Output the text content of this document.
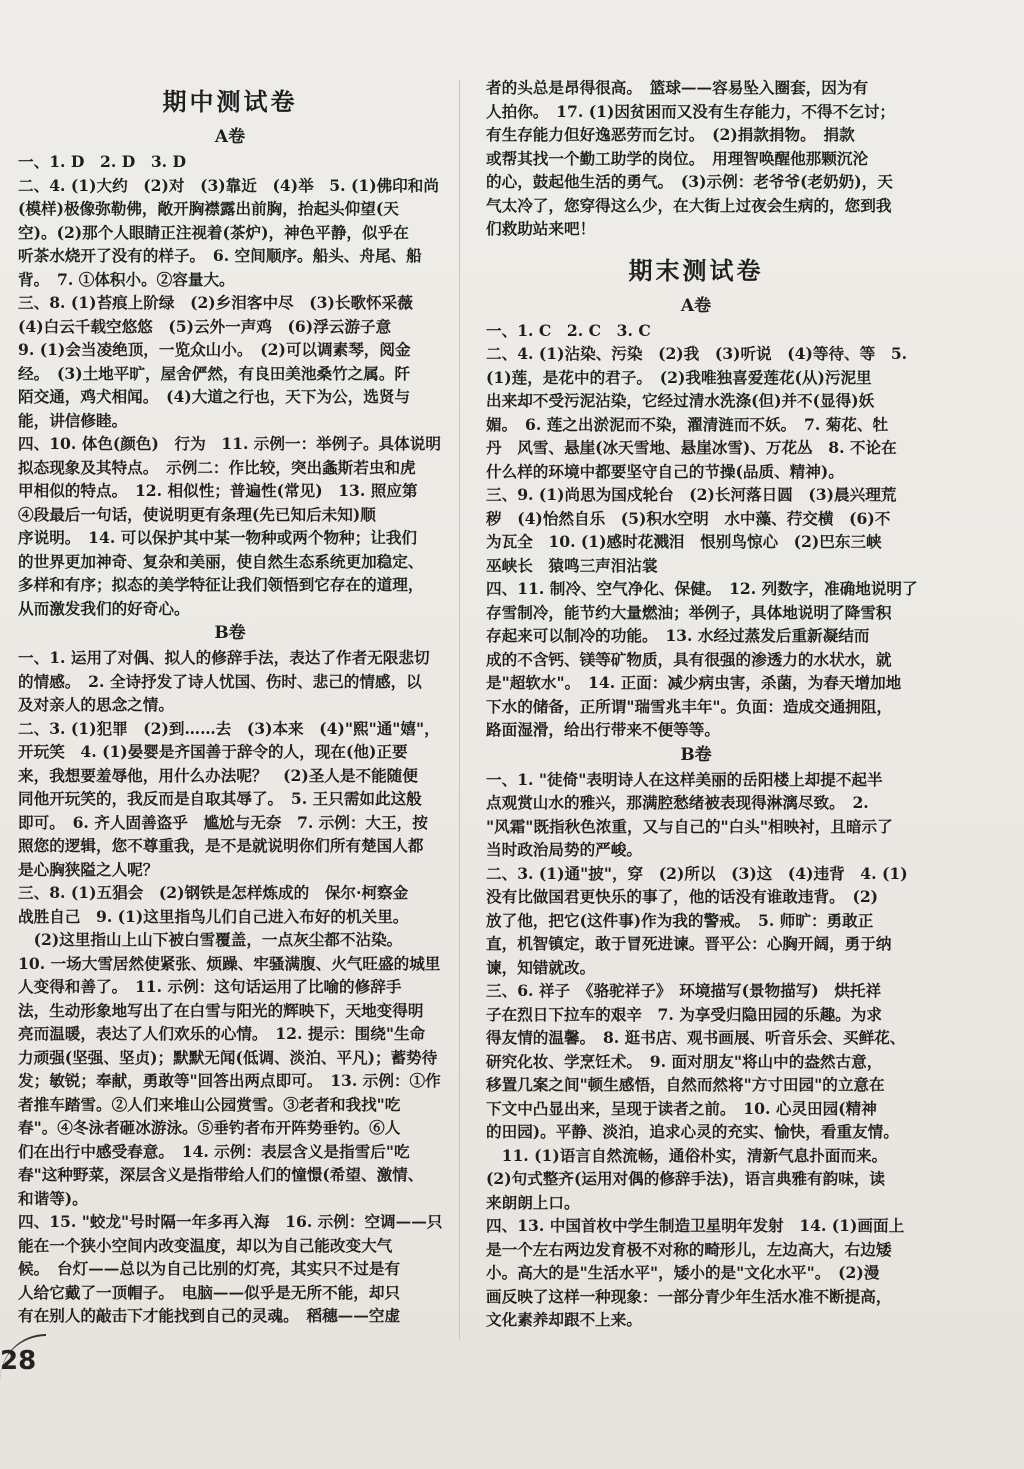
期中测试卷
A卷

一、1. D　2. D　3. D

二、4. (1)大约　(2)对　(3)靠近　(4)举　5. (1)佛印和尚

(模样)极像弥勒佛，敞开胸襟露出前胸，抬起头仰望(天

空)。(2)那个人眼睛正注视着(茶炉)，神色平静，似乎在

听茶水烧开了没有的样子。　6. 空间顺序。船头、舟尾、船

背。　7. ①体积小。②容量大。

三、8. (1)苔痕上阶绿　(2)乡泪客中尽　(3)长歌怀采薇

(4)白云千载空悠悠　(5)云外一声鸡　(6)浮云游子意

9. (1)会当凌绝顶，一览众山小。　(2)可以调素琴，阅金

经。　(3)土地平旷，屋舍俨然，有良田美池桑竹之属。阡

陌交通，鸡犬相闻。　(4)大道之行也，天下为公，选贤与

能，讲信修睦。

四、10. 体色(颜色)　行为　11. 示例一：举例子。具体说明

拟态现象及其特点。　示例二：作比较，突出螽斯若虫和虎

甲相似的特点。　12. 相似性；普遍性(常见)　13. 照应第

④段最后一句话，使说明更有条理(先已知后未知)顺

序说明。　14. 可以保护其中某一物种或两个物种；让我们

的世界更加神奇、复杂和美丽，使自然生态系统更加稳定、

多样和有序；拟态的美学特征让我们领悟到它存在的道理，

从而激发我们的好奇心。

B卷

一、1. 运用了对偶、拟人的修辞手法，表达了作者无限悲切

的情感。　2. 全诗抒发了诗人忧国、伤时、悲己的情感，以

及对亲人的思念之情。

二、3. (1)犯罪　(2)到……去　(3)本来　(4)"熙"通"嬉"，

开玩笑　4. (1)晏婴是齐国善于辞令的人，现在(他)正要

来，我想要羞辱他，用什么办法呢？　(2)圣人是不能随便

同他开玩笑的，我反而是自取其辱了。　5. 王只需如此这般

即可。　6. 齐人固善盗乎　尴尬与无奈　7. 示例：大王，按

照您的逻辑，您不尊重我，是不是就说明你们所有楚国人都

是心胸狭隘之人呢？

三、8. (1)五猖会　(2)钢铁是怎样炼成的　保尔·柯察金

战胜自己　9. (1)这里指鸟儿们自己进入布好的机关里。

　(2)这里指山上山下被白雪覆盖，一点灰尘都不沾染。

10. 一场大雪居然使紧张、烦躁、牢骚满腹、火气旺盛的城里

人变得和善了。　11. 示例：这句话运用了比喻的修辞手

法，生动形象地写出了在白雪与阳光的辉映下，天地变得明

亮而温暖，表达了人们欢乐的心情。　12. 提示：围绕"生命

力顽强(坚强、坚贞)；默默无闻(低调、淡泊、平凡)；蓄势待

发；敏锐；奉献，勇敢等"回答出两点即可。　13. 示例：①作

者推车踏雪。②人们来堆山公园赏雪。③老者和我找"吃

春"。④冬泳者砸冰游泳。⑤垂钓者布开阵势垂钓。⑥人

们在出行中感受春意。　14. 示例：表层含义是指雪后"吃

春"这种野菜，深层含义是指带给人们的憧憬(希望、激情、

和谐等)。

四、15. "蛟龙"号时隔一年多再入海　16. 示例：空调——只

能在一个狭小空间内改变温度，却以为自己能改变大气

候。　台灯——总以为自己比别的灯亮，其实只不过是有

人给它戴了一顶帽子。　电脑——似乎是无所不能，却只

有在别人的敲击下才能找到自己的灵魂。　稻穗——空虚

者的头总是昂得很高。　篮球——容易坠入圈套，因为有

人拍你。　17. (1)因贫困而又没有生存能力，不得不乞讨；

有生存能力但好逸恶劳而乞讨。　(2)捐款捐物。　捐款

或帮其找一个勤工助学的岗位。　用理智唤醒他那颗沉沦

的心，鼓起他生活的勇气。　(3)示例：老爷爷(老奶奶)，天

气太冷了，您穿得这么少，在大街上过夜会生病的，您到我

们救助站来吧！

期末测试卷
A卷

一、1. C　2. C　3. C

二、4. (1)沾染、污染　(2)我　(3)听说　(4)等待、等　5.

(1)莲，是花中的君子。　(2)我唯独喜爱莲花(从)污泥里

出来却不受污泥沾染，它经过清水洗涤(但)并不(显得)妖

媚。　6. 莲之出淤泥而不染，濯清涟而不妖。　7. 菊花、牡

丹　风雪、悬崖(冰天雪地、悬崖冰雪)、万花丛　8. 不论在

什么样的环境中都要坚守自己的节操(品质、精神)。

三、9. (1)尚思为国戍轮台　(2)长河落日圆　(3)晨兴理荒

秽　(4)怡然自乐　(5)积水空明　水中藻、荇交横　(6)不

为瓦全　10. (1)感时花溅泪　恨别鸟惊心　(2)巴东三峡

巫峡长　猿鸣三声泪沾裳

四、11. 制冷、空气净化、保健。　12. 列数字，准确地说明了

存雪制冷，能节约大量燃油；举例子，具体地说明了降雪积

存起来可以制冷的功能。　13. 水经过蒸发后重新凝结而

成的不含钙、镁等矿物质，具有很强的渗透力的水状水，就

是"超软水"。　14. 正面：减少病虫害，杀菌，为春天增加地

下水的储备，正所谓"瑞雪兆丰年"。负面：造成交通拥阻，

路面湿滑，给出行带来不便等等。

B卷

一、1. "徒倚"表明诗人在这样美丽的岳阳楼上却提不起半

点观赏山水的雅兴，那满腔愁绪被表现得淋漓尽致。　2.

"风霜"既指秋色浓重，又与自己的"白头"相映衬，且暗示了

当时政治局势的严峻。

二、3. (1)通"披"，穿　(2)所以　(3)这　(4)违背　4. (1)

没有比做国君更快乐的事了，他的话没有谁敢违背。　(2)

放了他，把它(这件事)作为我的警戒。　5. 师旷：勇敢正

直，机智镇定，敢于冒死进谏。晋平公：心胸开阔，勇于纳

谏，知错就改。

三、6. 祥子　《骆驼祥子》　环境描写(景物描写)　烘托祥

子在烈日下拉车的艰辛　7. 为享受归隐田园的乐趣。为求

得友情的温馨。　8. 逛书店、观书画展、听音乐会、买鲜花、

研究化妆、学烹饪术。　9. 面对朋友"将山中的盎然古意，

移置几案之间"顿生感悟，自然而然将"方寸田园"的立意在

下文中凸显出来，呈现于读者之前。　10. 心灵田园(精神

的田园)。平静、淡泊，追求心灵的充实、愉快，看重友情。

　11. (1)语言自然流畅，通俗朴实，清新气息扑面而来。

(2)句式整齐(运用对偶的修辞手法)，语言典雅有韵味，读

来朗朗上口。

四、13. 中国首枚中学生制造卫星明年发射　14. (1)画面上

是一个左右两边发育极不对称的畸形儿，左边高大，右边矮

小。高大的是"生活水平"，矮小的是"文化水平"。　(2)漫

画反映了这样一种现象：一部分青少年生活水准不断提高，

文化素养却跟不上来。

28
